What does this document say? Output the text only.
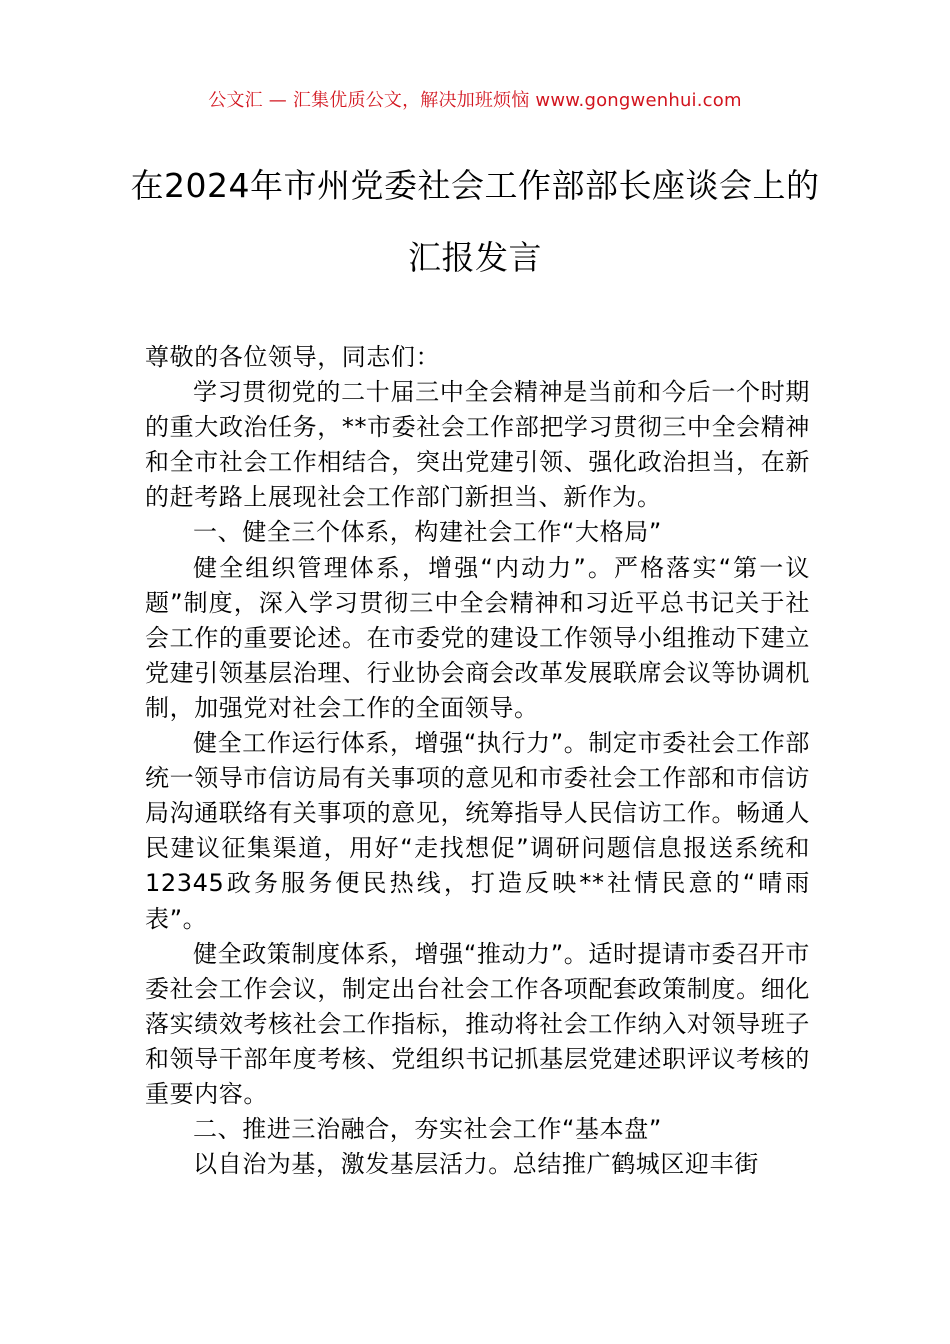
公文汇 — 汇集优质公文，解决加班烦恼 www.gongwenhui.com
在2024年市州党委社会工作部部长座谈会上的汇报发言

尊敬的各位领导，同志们：

学习贯彻党的二十届三中全会精神是当前和今后一个时期的重大政治任务，**市委社会工作部把学习贯彻三中全会精神和全市社会工作相结合，突出党建引领、强化政治担当，在新的赶考路上展现社会工作部门新担当、新作为。

一、健全三个体系，构建社会工作“大格局”

健全组织管理体系，增强“内动力”。严格落实“第一议题”制度，深入学习贯彻三中全会精神和习近平总书记关于社会工作的重要论述。在市委党的建设工作领导小组推动下建立党建引领基层治理、行业协会商会改革发展联席会议等协调机制，加强党对社会工作的全面领导。

健全工作运行体系，增强“执行力”。制定市委社会工作部统一领导市信访局有关事项的意见和市委社会工作部和市信访局沟通联络有关事项的意见，统筹指导人民信访工作。畅通人民建议征集渠道，用好“走找想促”调研问题信息报送系统和12345政务服务便民热线，打造反映**社情民意的“晴雨表”。

健全政策制度体系，增强“推动力”。适时提请市委召开市委社会工作会议，制定出台社会工作各项配套政策制度。细化落实绩效考核社会工作指标，推动将社会工作纳入对领导班子和领导干部年度考核、党组织书记抓基层党建述职评议考核的重要内容。

二、推进三治融合，夯实社会工作“基本盘”

以自治为基，激发基层活力。总结推广鹤城区迎丰街
